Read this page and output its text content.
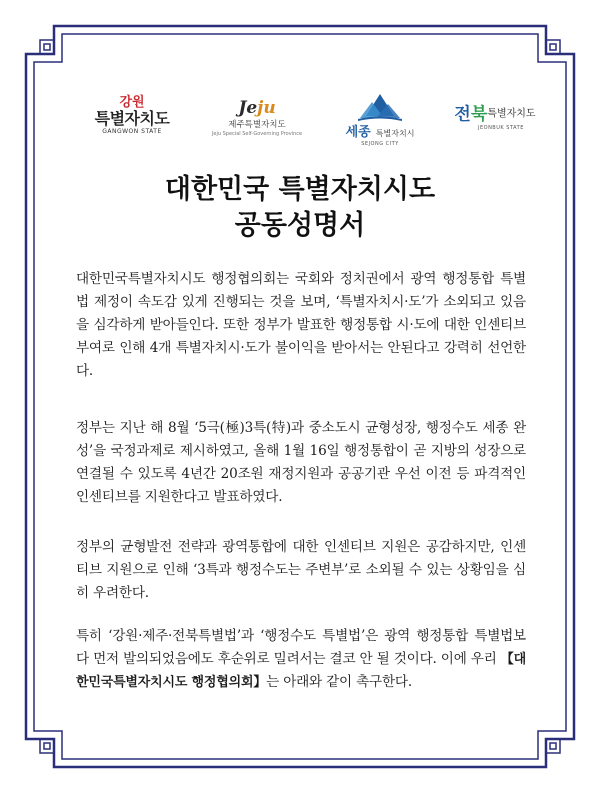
강원
특별자치도
GANGWON STATE
Jeju
제주특별자치도
Jeju Special Self-Governing Province	세종 특별자치시
SEJONG CITY
전북특별자치도
JEONBUK STATE
대한민국 특별자치시도
공동성명서
대한민국특별자치시도 행정협의회는 국회와 정치권에서 광역 행정통합 특별법 제정이 속도감 있게 진행되는 것을 보며, ‘특별자치시·도’가 소외되고 있음을 심각하게 받아들인다. 또한 정부가 발표한 행정통합 시·도에 대한 인센티브 부여로 인해 4개 특별자치시·도가 불이익을 받아서는 안된다고 강력히 선언한다.
정부는 지난 해 8월 ‘5극(極)3특(特)과 중소도시 균형성장, 행정수도 세종 완성’을 국정과제로 제시하였고, 올해 1월 16일 행정통합이 곧 지방의 성장으로 연결될 수 있도록 4년간 20조원 재정지원과 공공기관 우선 이전 등 파격적인 인센티브를 지원한다고 발표하였다.
정부의 균형발전 전략과 광역통합에 대한 인센티브 지원은 공감하지만, 인센티브 지원으로 인해 ‘3특과 행정수도는 주변부’로 소외될 수 있는 상황임을 심히 우려한다.
특히 ‘강원·제주·전북특별법’과 ‘행정수도 특별법’은 광역 행정통합 특별법보다 먼저 발의되었음에도 후순위로 밀려서는 결코 안 될 것이다. 이에 우리 【대한민국특별자치시도 행정협의회】는 아래와 같이 촉구한다.
